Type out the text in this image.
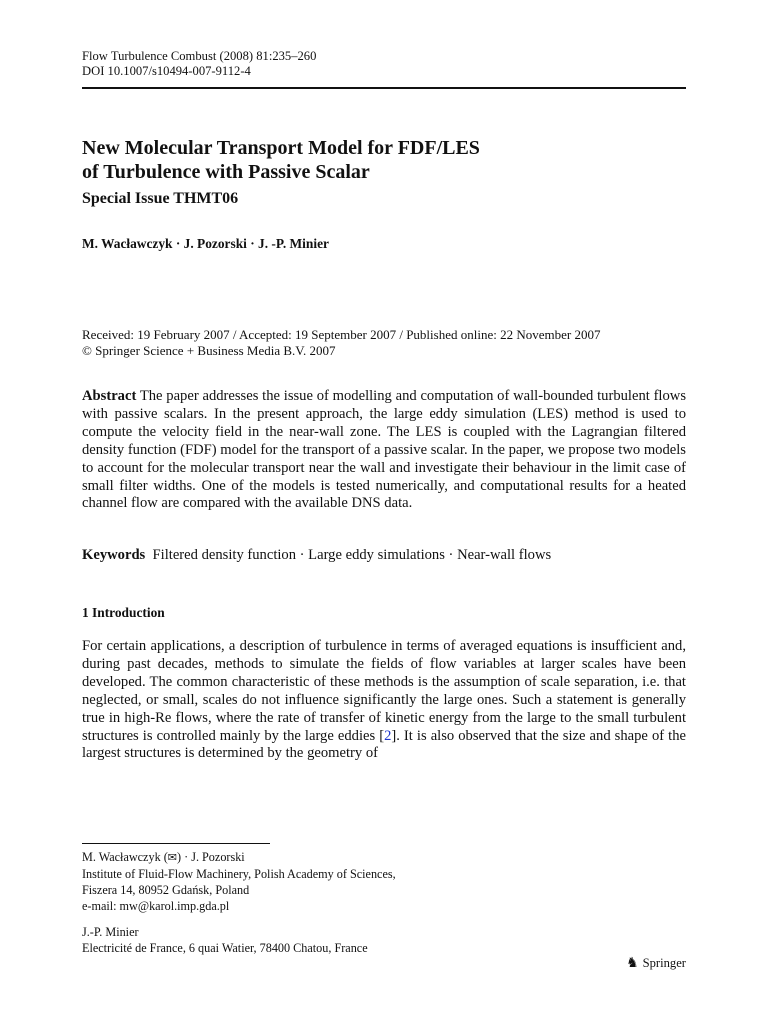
Flow Turbulence Combust (2008) 81:235–260
DOI 10.1007/s10494-007-9112-4
New Molecular Transport Model for FDF/LES
of Turbulence with Passive Scalar
Special Issue THMT06
M. Wacławczyk · J. Pozorski · J. -P. Minier
Received: 19 February 2007 / Accepted: 19 September 2007 / Published online: 22 November 2007
© Springer Science + Business Media B.V. 2007
Abstract The paper addresses the issue of modelling and computation of wall-bounded turbulent flows with passive scalars. In the present approach, the large eddy simulation (LES) method is used to compute the velocity field in the near-wall zone. The LES is coupled with the Lagrangian filtered density function (FDF) model for the transport of a passive scalar. In the paper, we propose two models to account for the molecular transport near the wall and investigate their behaviour in the limit case of small filter widths. One of the models is tested numerically, and computational results for a heated channel flow are compared with the available DNS data.
Keywords Filtered density function · Large eddy simulations · Near-wall flows
1 Introduction
For certain applications, a description of turbulence in terms of averaged equations is insufficient and, during past decades, methods to simulate the fields of flow variables at larger scales have been developed. The common characteristic of these methods is the assumption of scale separation, i.e. that neglected, or small, scales do not influence significantly the large ones. Such a statement is generally true in high-Re flows, where the rate of transfer of kinetic energy from the large to the small turbulent structures is controlled mainly by the large eddies [2]. It is also observed that the size and shape of the largest structures is determined by the geometry of
M. Wacławczyk (✉) · J. Pozorski
Institute of Fluid-Flow Machinery, Polish Academy of Sciences,
Fiszera 14, 80952 Gdańsk, Poland
e-mail: mw@karol.imp.gda.pl
J.-P. Minier
Electricité de France, 6 quai Watier, 78400 Chatou, France
♞ Springer
